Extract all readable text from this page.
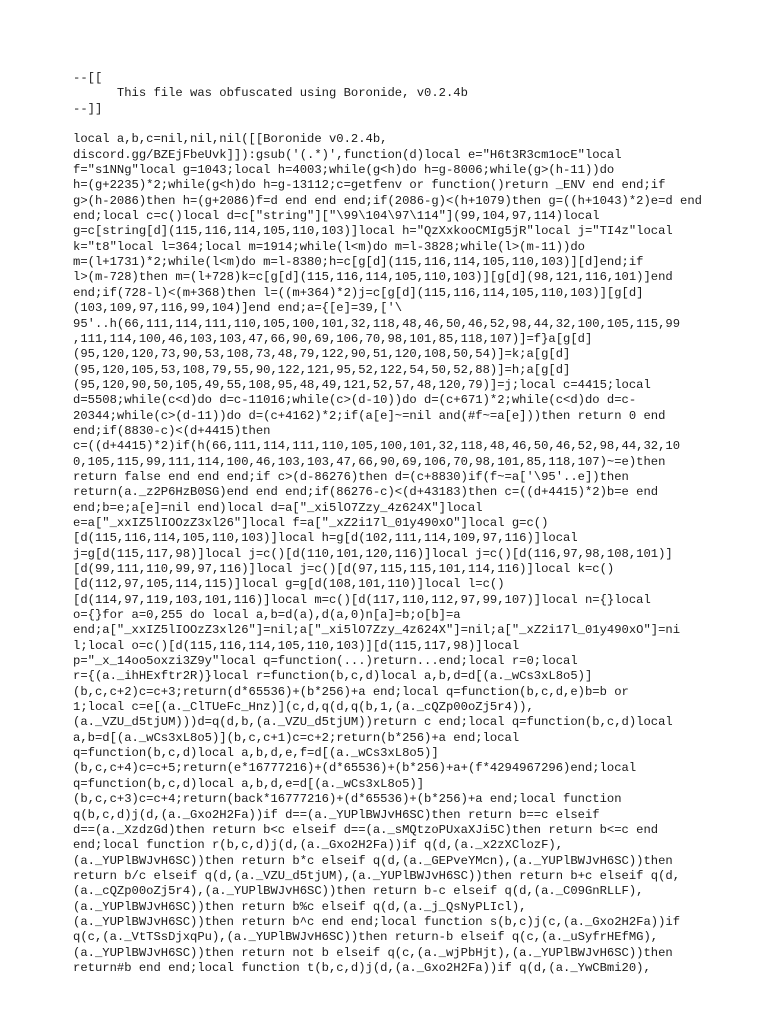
--[[
This file was obfuscated using Boronide, v0.2.4b
--]]
local a,b,c=nil,nil,nil([[Boronide v0.2.4b,
discord.gg/BZEjFbeUvk]]):gsub('(.*)',function(d)local e="H6t3R3cm1ocE"local
f="s1NNg"local g=1043;local h=4003;while(g<h)do h=g-8006;while(g>(h-11))do
h=(g+2235)*2;while(g<h)do h=g-13112;c=getfenv or function()return _ENV end end;if
g>(h-2086)then h=(g+2086)f=d end end end;if(2086-g)<(h+1079)then g=((h+1043)*2)e=d end
end;local c=c()local d=c["string"]["\99\104\97\114"](99,104,97,114)local
g=c[string[d](115,116,114,105,110,103)]local h="QzXxkooCMIg5jR"local j="TI4z"local
k="t8"local l=364;local m=1914;while(l<m)do m=l-3828;while(l>(m-11))do
m=(l+1731)*2;while(l<m)do m=l-8380;h=c[g[d](115,116,114,105,110,103)][d]end;if
l>(m-728)then m=(l+728)k=c[g[d](115,116,114,105,110,103)][g[d](98,121,116,101)]end
end;if(728-l)<(m+368)then l=((m+364)*2)j=c[g[d](115,116,114,105,110,103)][g[d]
(103,109,97,116,99,104)]end end;a={[e]=39,['\
95'..h(66,111,114,111,110,105,100,101,32,118,48,46,50,46,52,98,44,32,100,105,115,99
,111,114,100,46,103,103,47,66,90,69,106,70,98,101,85,118,107)]=f}a[g[d]
(95,120,120,73,90,53,108,73,48,79,122,90,51,120,108,50,54)]=k;a[g[d]
(95,120,105,53,108,79,55,90,122,121,95,52,122,54,50,52,88)]=h;a[g[d]
(95,120,90,50,105,49,55,108,95,48,49,121,52,57,48,120,79)]=j;local c=4415;local
d=5508;while(c<d)do d=c-11016;while(c>(d-10))do d=(c+671)*2;while(c<d)do d=c-
20344;while(c>(d-11))do d=(c+4162)*2;if(a[e]~=nil and(#f~=a[e]))then return 0 end
end;if(8830-c)<(d+4415)then
c=((d+4415)*2)if(h(66,111,114,111,110,105,100,101,32,118,48,46,50,46,52,98,44,32,10
0,105,115,99,111,114,100,46,103,103,47,66,90,69,106,70,98,101,85,118,107)~=e)then
return false end end end;if c>(d-86276)then d=(c+8830)if(f~=a['\95'..e])then
return(a._z2P6HzB0SG)end end end;if(86276-c)<(d+43183)then c=((d+4415)*2)b=e end
end;b=e;a[e]=nil end)local d=a["_xi5lO7Zzy_4z624X"]local
e=a["_xxIZ5lIOOzZ3xl26"]local f=a["_xZ2i17l_01y490xO"]local g=c()
[d(115,116,114,105,110,103)]local h=g[d(102,111,114,109,97,116)]local
j=g[d(115,117,98)]local j=c()[d(110,101,120,116)]local j=c()[d(116,97,98,108,101)]
[d(99,111,110,99,97,116)]local j=c()[d(97,115,115,101,114,116)]local k=c()
[d(112,97,105,114,115)]local g=g[d(108,101,110)]local l=c()
[d(114,97,119,103,101,116)]local m=c()[d(117,110,112,97,99,107)]local n={}local
o={}for a=0,255 do local a,b=d(a),d(a,0)n[a]=b;o[b]=a
end;a["_xxIZ5lIOOzZ3xl26"]=nil;a["_xi5lO7Zzy_4z624X"]=nil;a["_xZ2i17l_01y490xO"]=ni
l;local o=c()[d(115,116,114,105,110,103)][d(115,117,98)]local
p="_x_14oo5oxzi3Z9y"local q=function(...)return...end;local r=0;local
r={(a._ihHExftr2R)}local r=function(b,c,d)local a,b,d=d[(a._wCs3xL8o5)]
(b,c,c+2)c=c+3;return(d*65536)+(b*256)+a end;local q=function(b,c,d,e)b=b or
1;local c=e[(a._ClTUeFc_Hnz)](c,d,q(d,q(b,1,(a._cQZp00oZj5r4)),
(a._VZU_d5tjUM)))d=q(d,b,(a._VZU_d5tjUM))return c end;local q=function(b,c,d)local
a,b=d[(a._wCs3xL8o5)](b,c,c+1)c=c+2;return(b*256)+a end;local
q=function(b,c,d)local a,b,d,e,f=d[(a._wCs3xL8o5)]
(b,c,c+4)c=c+5;return(e*16777216)+(d*65536)+(b*256)+a+(f*4294967296)end;local
q=function(b,c,d)local a,b,d,e=d[(a._wCs3xL8o5)]
(b,c,c+3)c=c+4;return(back*16777216)+(d*65536)+(b*256)+a end;local function
q(b,c,d)j(d,(a._Gxo2H2Fa))if d==(a._YUPlBWJvH6SC)then return b==c elseif
d==(a._XzdzGd)then return b<c elseif d==(a._sMQtzoPUxaXJi5C)then return b<=c end
end;local function r(b,c,d)j(d,(a._Gxo2H2Fa))if q(d,(a._x2zXClozF),
(a._YUPlBWJvH6SC))then return b*c elseif q(d,(a._GEPveYMcn),(a._YUPlBWJvH6SC))then
return b/c elseif q(d,(a._VZU_d5tjUM),(a._YUPlBWJvH6SC))then return b+c elseif q(d,
(a._cQZp00oZj5r4),(a._YUPlBWJvH6SC))then return b-c elseif q(d,(a._C09GnRLLF),
(a._YUPlBWJvH6SC))then return b%c elseif q(d,(a._j_QsNyPLIcl),
(a._YUPlBWJvH6SC))then return b^c end end;local function s(b,c)j(c,(a._Gxo2H2Fa))if
q(c,(a._VtTSsDjxqPu),(a._YUPlBWJvH6SC))then return-b elseif q(c,(a._uSyfrHEfMG),
(a._YUPlBWJvH6SC))then return not b elseif q(c,(a._wjPbHjt),(a._YUPlBWJvH6SC))then
return#b end end;local function t(b,c,d)j(d,(a._Gxo2H2Fa))if q(d,(a._YwCBmi20),
